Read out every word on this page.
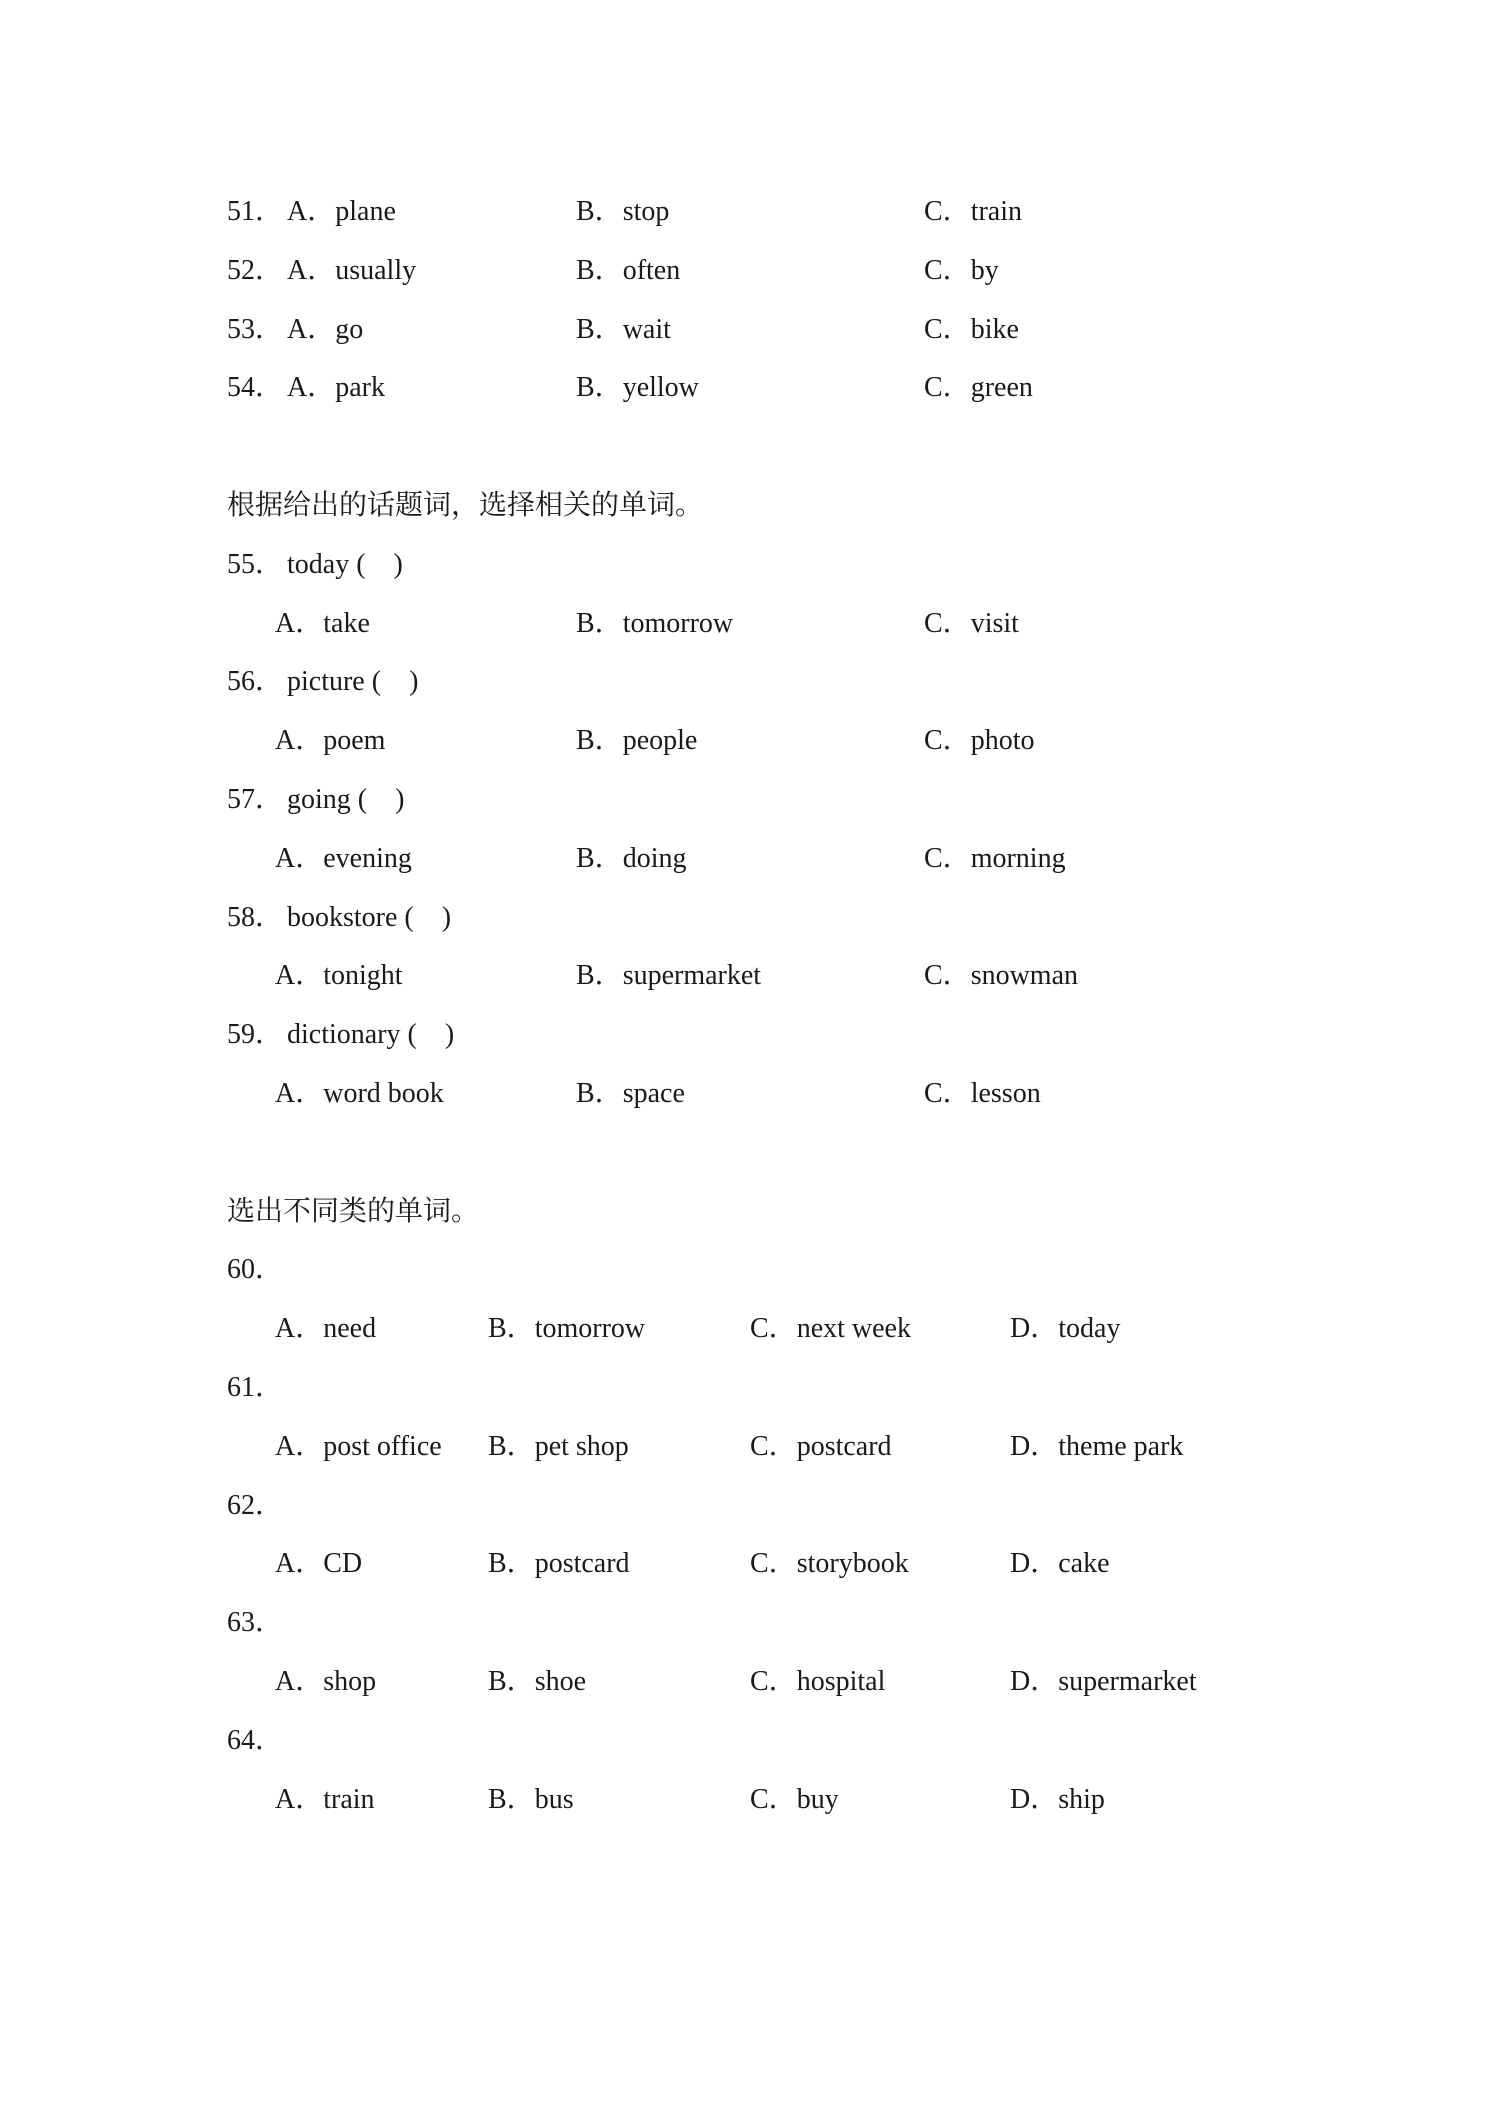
51． A．plane	B．stop	C．train
52． A．usually	B．often	C．by
53． A．go	B．wait	C．bike
54． A．park	B．yellow	C．green
根据给出的话题词，选择相关的单词。
55． today (    )
A．take	B．tomorrow	C．visit
56． picture (    )
A．poem	B．people	C．photo
57． going (    )
A．evening	B．doing	C．morning
58． bookstore (    )
A．tonight	B．supermarket	C．snowman
59． dictionary (    )
A．word book	B．space	C．lesson
选出不同类的单词。
60．
A．need	B．tomorrow	C．next week	D．today
61．
A．post office B．pet shop	C．postcard	D．theme park
62．
A．CD	B．postcard	C．storybook	D．cake
63．
A．shop	B．shoe	C．hospital	D．supermarket
64．
A．train	B．bus	C．buy	D．ship
